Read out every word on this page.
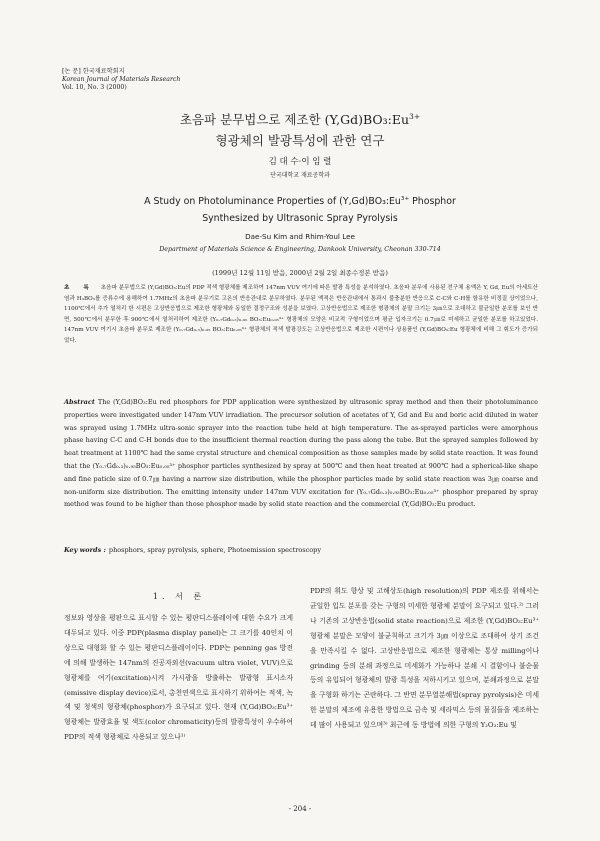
[논 문] 한국재료학회지
Korean Journal of Materials Research
Vol. 10, No. 3 (2000)
초음파 분무법으로 제조한 $(Y,Gd)BO_3:Eu^{3+}$
형광체의 발광특성에 관한 연구
김 대 수·이 임 렬
단국대학교 재료공학과
A Study on Photoluminance Properties of $(Y,Gd)BO_3:Eu^{3+}$ Phosphor
Synthesized by Ultrasonic Spray Pyrolysis
Dae-Su Kim and Rhim-Youl Lee
Department of Materials Science & Engineering, Dankook University, Cheonan 330-714
(1999년 12월 11일 받음, 2000년 2월 2일 최종수정본 받음)
초 록 초음파 분무법으로 (Y,Gd)BO₃:Eu의 PDP 적색 형광체를 제조하여 147nm VUV 여기에 따른 발광 특성을 분석하였다. 초음파 분무에 사용된 전구체 용액은 Y, Gd, Eu의 아세트산염과 H₃BO₃를 증류수에 용해하여 1.7MHz의 초음파 분무기로 고온의 반응관내로 분무하였다. 분무된 액적은 반응관내에서 통과시 불충분한 반응으로 C-C와 C-H를 함유한 비정질 상이었으나, 1100℃에서 추가 열처리 한 시편은 고상반응법으로 제조한 형광체와 동일한 결정구조와 성분을 보였다. 고상반응법으로 제조한 형광체의 분말 크기는 3㎛으로 조대하고 불균일한 분포를 보인 반면, 500℃에서 분무한 후 900℃에서 열처리하여 제조한 (Y₀.₇Gd₀.₃)₀.₉₅ BO₃:Eu₀.₀₅³⁺ 형광체의 모양은 비교적 구형이었으며 평균 입자크기는 0.7㎛로 미세하고 균일한 분포를 하고있었다. 147nm VUV 여기시 초음파 분무로 제조한 (Y₀.₇Gd₀.₃)₀.₉₅ BO₃:Eu₀.₀₅³⁺ 형광체의 적색 발광강도는 고상반응법으로 제조한 시편이나 상용품인 (Y,Gd)BO₃:Eu 형광체에 비해 그 휘도가 증가되었다.
Abstract The (Y,Gd)BO₃:Eu red phosphors for PDP application were synthesized by ultrasonic spray method and then their photoluminance properties were investigated under 147nm VUV irradiation. The precursor solution of acetates of Y, Gd and Eu and boric acid diluted in water was sprayed using 1.7MHz ultra-sonic sprayer into the reaction tube held at high temperature. The as-sprayed particles were amorphous phase having C-C and C-H bonds due to the insufficient thermal reaction during the pass along the tube. But the sprayed samples followed by heat treatment at 1100℃ had the same crystal structure and chemical composition as those samples made by solid state reaction. It was found that the (Y₀.₇Gd₀.₃)₀.₉₅BO₃:Eu₀.₀₅³⁺ phosphor particles synthesized by spray at 500℃ and then heat treated at 900℃ had a spherical-like shape and fine paticle size of 0.7㎛ having a narrow size distribution, while the phosphor particles made by solid state reaction was 3㎛ coarse and non-uniform size distribution. The emitting intensity under 147nm VUV excitation for (Y₀.₇Gd₀.₃)₀.₉₅BO₃:Eu₀.₀₅³⁺ phosphor prepared by spray method was found to be higher than those phosphor made by solid state reaction and the commercial (Y,Gd)BO₃:Eu product.
Key words : phosphors, spray pyrolysis, sphere, Photoemission spectroscopy
1. 서 론
정보와 영상을 평판으로 표시할 수 있는 평판디스플레이에 대한 수요가 크게 대두되고 있다. 이중 PDP(plasma display panel)는 그 크기를 40인치 이상으로 대형화 할 수 있는 평판디스플레이이다. PDP는 penning gas 방전에 의해 발생하는 147nm의 진공자외선(vacuum ultra violet, VUV)으로 형광체를 여기(excitation)시켜 가시광을 방출하는 발광형 표시소자(emissive display device)로서, 총천연색으로 표시하기 위하여는 적색, 녹색 및 청색의 형광체(phosphor)가 요구되고 있다. 현재 (Y,Gd)BO₃:Eu³⁺ 형광체는 발광효율 및 색도(color chromaticity)등의 발광특성이 우수하여 PDP의 적색 형광체로 사용되고 있으나¹⁾
PDP의 휘도 향상 및 고해상도(high resolution)의 PDP 제조를 위해서는 균일한 입도 분포를 갖는 구형의 미세한 형광체 분말이 요구되고 있다.²⁾ 그러나 기존의 고상반응법(solid state reaction)으로 제조한 (Y,Gd)BO₃:Eu³⁺ 형광체 분말은 모양이 불균칙하고 크기가 3㎛ 이상으로 조대하여 상기 조건을 만족시킬 수 없다. 고상반응법으로 제조한 형광체는 통상 milling이나 grinding 등의 분쇄 과정으로 미세화가 가능하나 분쇄 시 결함이나 불순물 등의 유입되어 형광체의 발광 특성을 저하시키고 있으며, 분쇄과정으로 분말을 구형화 하기는 곤란하다. 그 반면 분무열분해법(spray pyrolysis)은 미세한 분말의 제조에 유용한 방법으로 금속 및 세라믹스 등의 물질들을 제조하는 데 많이 사용되고 있으며³⁾ 최근에 동 방법에 의한 구형의 Y₂O₃:Eu 및
- 204 -
